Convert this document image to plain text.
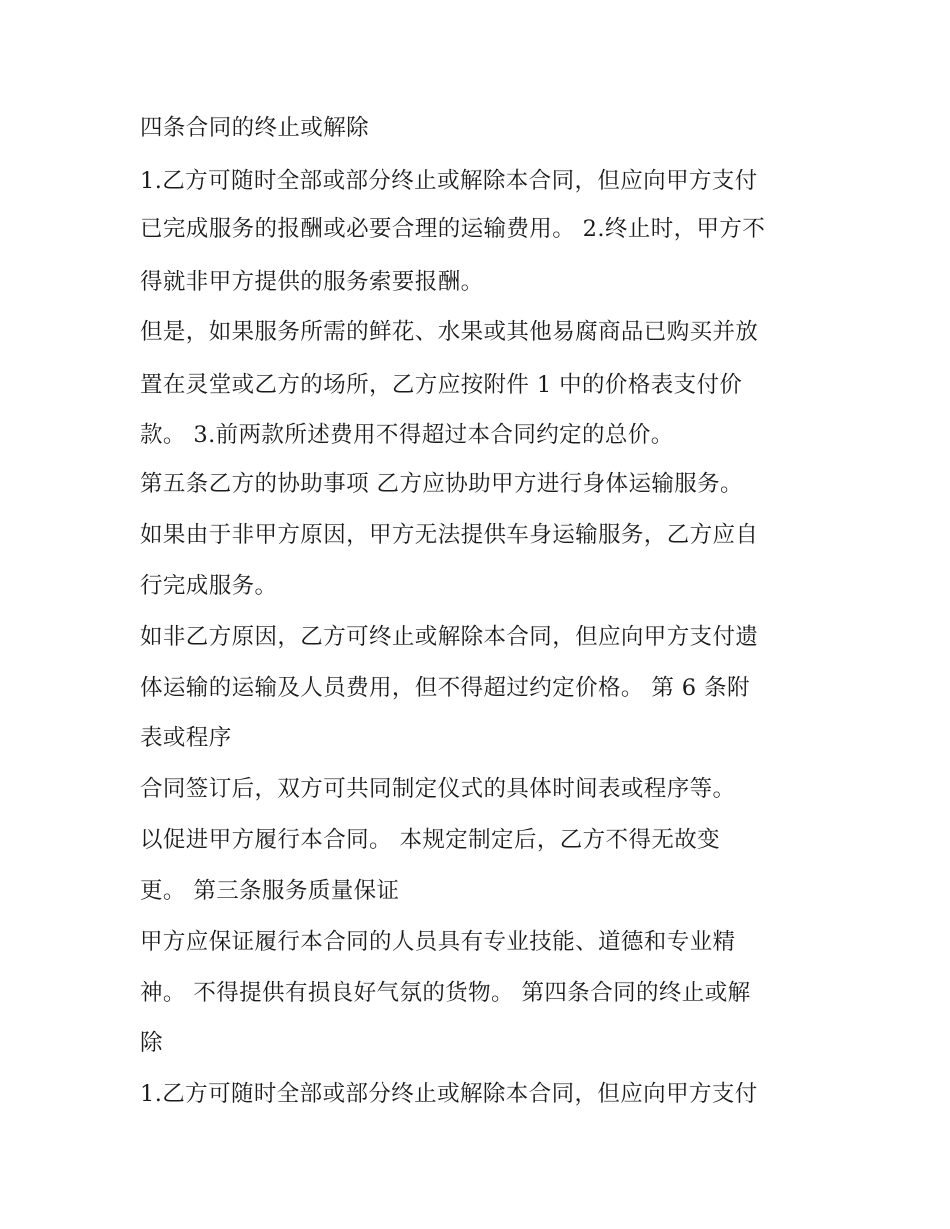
四条合同的终止或解除
1.乙方可随时全部或部分终止或解除本合同，但应向甲方支付
已完成服务的报酬或必要合理的运输费用。 2.终止时，甲方不
得就非甲方提供的服务索要报酬。
但是，如果服务所需的鲜花、水果或其他易腐商品已购买并放
置在灵堂或乙方的场所，乙方应按附件 1 中的价格表支付价
款。 3.前两款所述费用不得超过本合同约定的总价。
第五条乙方的协助事项 乙方应协助甲方进行身体运输服务。
如果由于非甲方原因，甲方无法提供车身运输服务，乙方应自
行完成服务。
如非乙方原因，乙方可终止或解除本合同，但应向甲方支付遗
体运输的运输及人员费用，但不得超过约定价格。 第 6 条附
表或程序
合同签订后，双方可共同制定仪式的具体时间表或程序等。
以促进甲方履行本合同。 本规定制定后，乙方不得无故变
更。 第三条服务质量保证
甲方应保证履行本合同的人员具有专业技能、道德和专业精
神。 不得提供有损良好气氛的货物。 第四条合同的终止或解
除
1.乙方可随时全部或部分终止或解除本合同，但应向甲方支付
